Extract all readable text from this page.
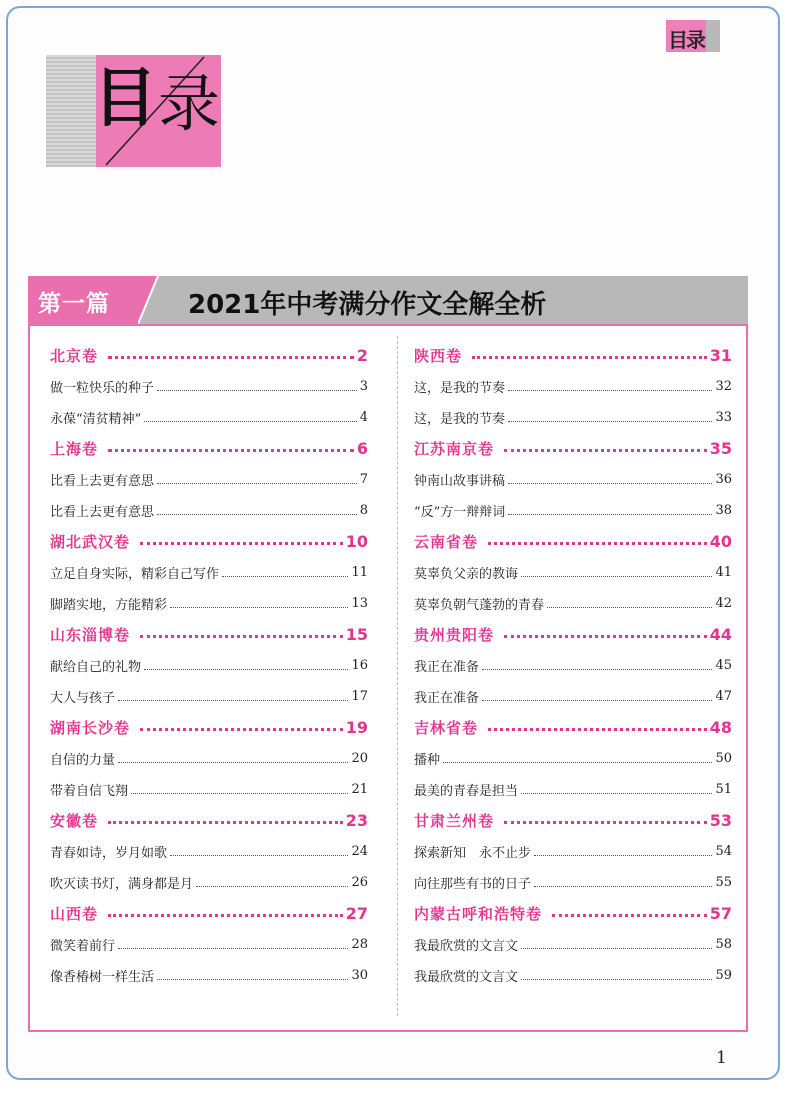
目录
目 录
第一篇	2021年中考满分作文全解全析
北京卷	2
做一粒快乐的种子	3
永葆“清贫精神”	4
上海卷	6
比看上去更有意思	7
比看上去更有意思	8
湖北武汉卷	10
立足自身实际，精彩自己写作	11
脚踏实地，方能精彩	13
山东淄博卷	15
献给自己的礼物	16
大人与孩子	17
湖南长沙卷	19
自信的力量	20
带着自信飞翔	21
安徽卷	23
青春如诗，岁月如歌	24
吹灭读书灯，满身都是月	26
山西卷	27
微笑着前行	28
像香椿树一样生活	30
陕西卷	31
这，是我的节奏	32
这，是我的节奏	33
江苏南京卷	35
钟南山故事讲稿	36
“反”方一辩辩词	38
云南省卷	40
莫辜负父亲的教诲	41
莫辜负朝气蓬勃的青春	42
贵州贵阳卷	44
我正在准备	45
我正在准备	47
吉林省卷	48
播种	50
最美的青春是担当	51
甘肃兰州卷	53
探索新知　永不止步	54
向往那些有书的日子	55
内蒙古呼和浩特卷	57
我最欣赏的文言文	58
我最欣赏的文言文	59
1
